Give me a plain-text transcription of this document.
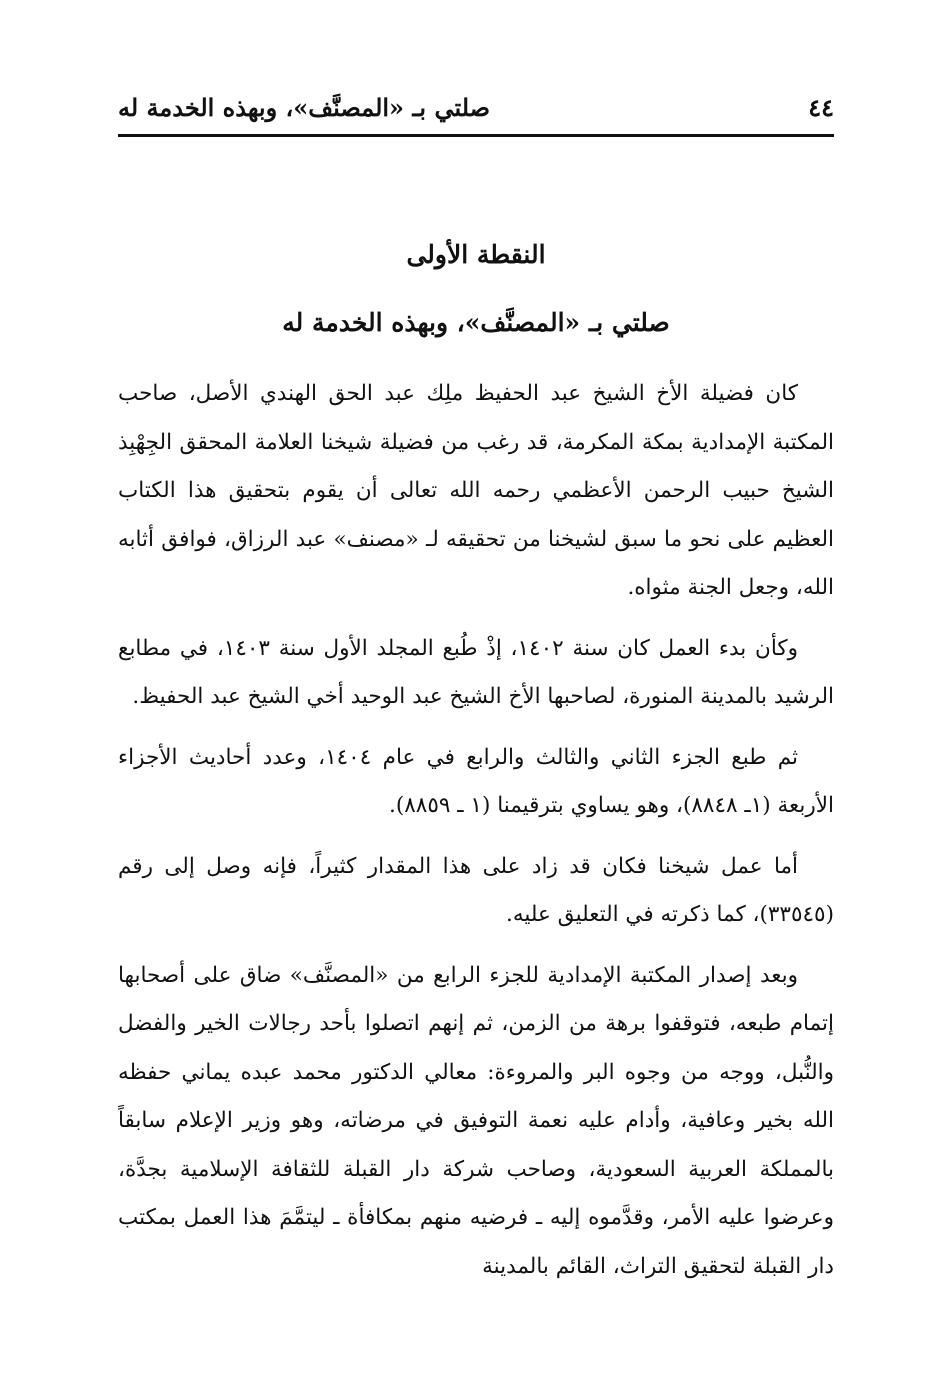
٤٤
صلتي بـ «المصنَّف»، وبهذه الخدمة له
النقطة الأولى
صلتي بـ «المصنَّف»، وبهذه الخدمة له

كان فضيلة الأخ الشيخ عبد الحفيظ ملِك عبد الحق الهندي الأصل، صاحب المكتبة الإمدادية بمكة المكرمة، قد رغب من فضيلة شيخنا العلامة المحقق الجِهْبِذ الشيخ حبيب الرحمن الأعظمي رحمه الله تعالى أن يقوم بتحقيق هذا الكتاب العظيم على نحو ما سبق لشيخنا من تحقيقه لـ «مصنف» عبد الرزاق، فوافق أثابه الله، وجعل الجنة مثواه.

وكأن بدء العمل كان سنة ١٤٠٢، إذْ طُبع المجلد الأول سنة ١٤٠٣، في مطابع الرشيد بالمدينة المنورة، لصاحبها الأخ الشيخ عبد الوحيد أخي الشيخ عبد الحفيظ.

ثم طبع الجزء الثاني والثالث والرابع في عام ١٤٠٤، وعدد أحاديث الأجزاء الأربعة (١ـ ٨٨٤٨)، وهو يساوي بترقيمنا (١ ـ ٨٨٥٩).

أما عمل شيخنا فكان قد زاد على هذا المقدار كثيراً، فإنه وصل إلى رقم (٣٣٥٤٥)، كما ذكرته في التعليق عليه.

وبعد إصدار المكتبة الإمدادية للجزء الرابع من «المصنَّف» ضاق على أصحابها إتمام طبعه، فتوقفوا برهة من الزمن، ثم إنهم اتصلوا بأحد رجالات الخير والفضل والنُّبل، ووجه من وجوه البر والمروءة: معالي الدكتور محمد عبده يماني حفظه الله بخير وعافية، وأدام عليه نعمة التوفيق في مرضاته، وهو وزير الإعلام سابقاً بالمملكة العربية السعودية، وصاحب شركة دار القبلة للثقافة الإسلامية بجدَّة، وعرضوا عليه الأمر، وقدَّموه إليه ـ فرضيه منهم بمكافأة ـ ليتمَّمَ هذا العمل بمكتب دار القبلة لتحقيق التراث، القائم بالمدينة
